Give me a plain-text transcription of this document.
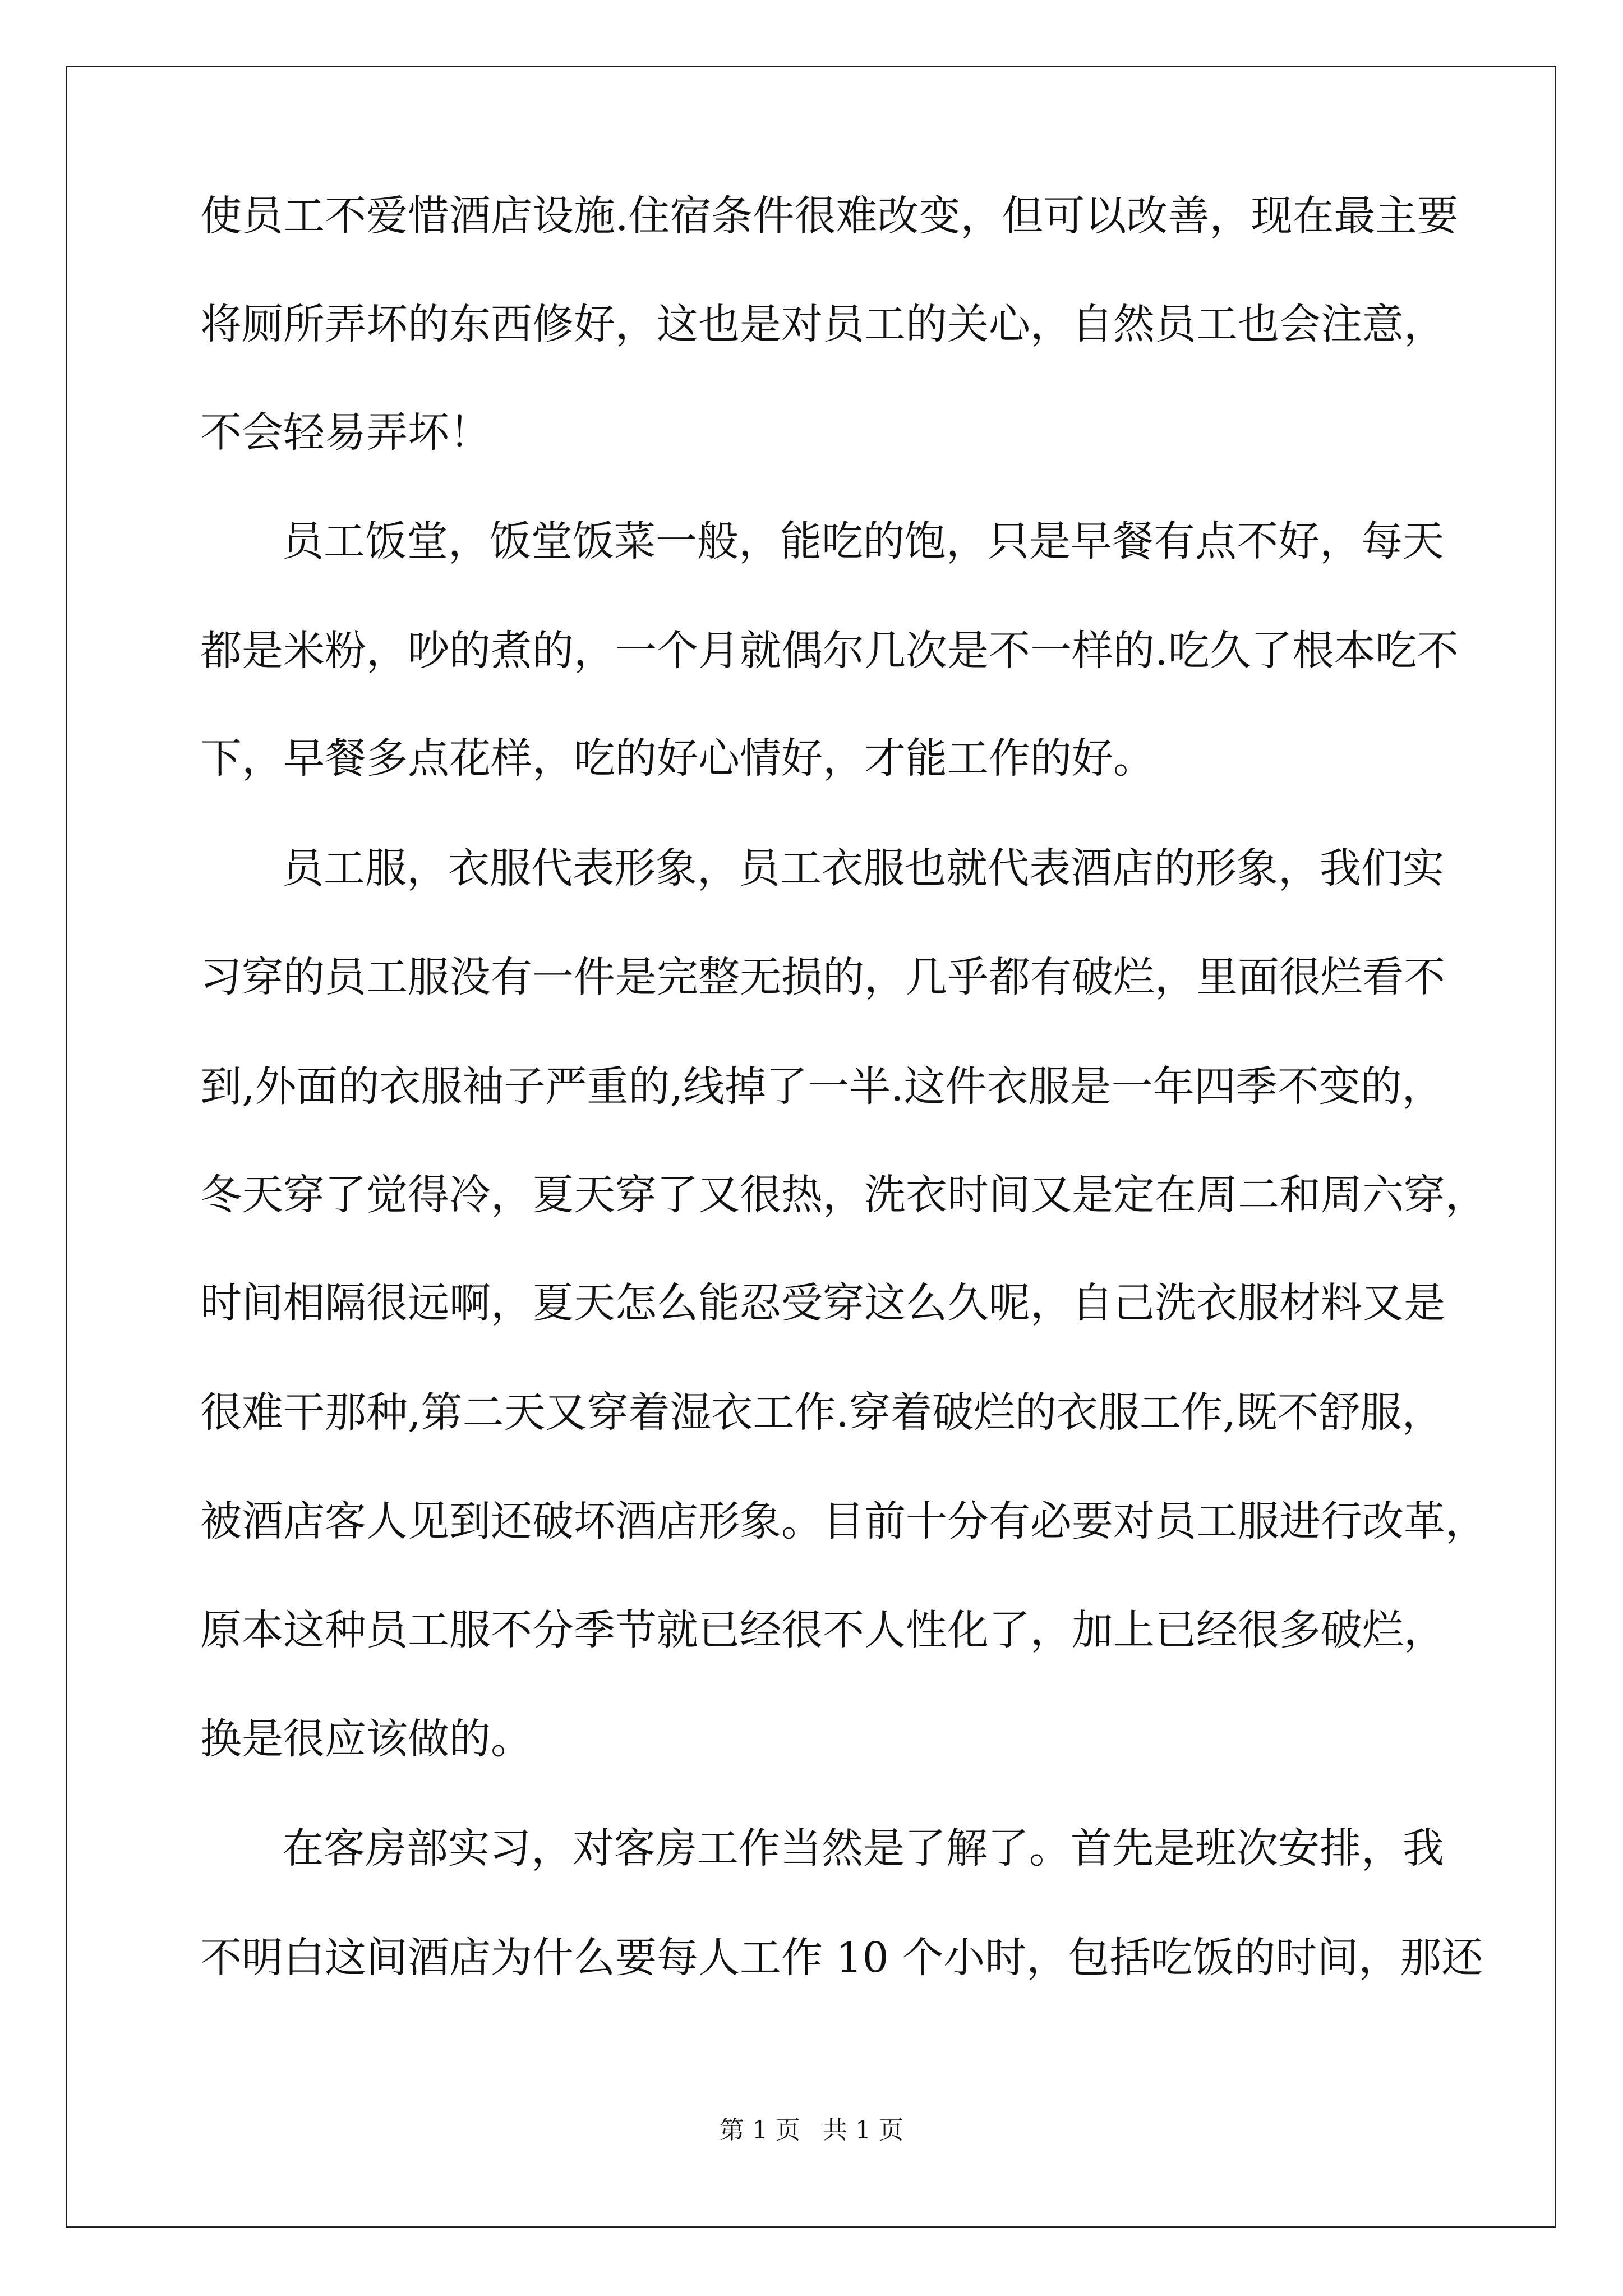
使员工不爱惜酒店设施.住宿条件很难改变，但可以改善，现在最主要
将厕所弄坏的东西修好，这也是对员工的关心，自然员工也会注意，
不会轻易弄坏！
员工饭堂，饭堂饭菜一般，能吃的饱，只是早餐有点不好，每天
都是米粉，吵的煮的，一个月就偶尔几次是不一样的.吃久了根本吃不
下，早餐多点花样，吃的好心情好，才能工作的好。
员工服，衣服代表形象，员工衣服也就代表酒店的形象，我们实
习穿的员工服没有一件是完整无损的，几乎都有破烂，里面很烂看不
到,外面的衣服袖子严重的,线掉了一半.这件衣服是一年四季不变的，
冬天穿了觉得冷，夏天穿了又很热，洗衣时间又是定在周二和周六穿，
时间相隔很远啊，夏天怎么能忍受穿这么久呢，自己洗衣服材料又是
很难干那种,第二天又穿着湿衣工作.穿着破烂的衣服工作,既不舒服，
被酒店客人见到还破坏酒店形象。目前十分有必要对员工服进行改革，
原本这种员工服不分季节就已经很不人性化了，加上已经很多破烂，
换是很应该做的。
在客房部实习，对客房工作当然是了解了。首先是班次安排，我
不明白这间酒店为什么要每人工作 10 个小时，包括吃饭的时间，那还
第 1 页 共 1 页
